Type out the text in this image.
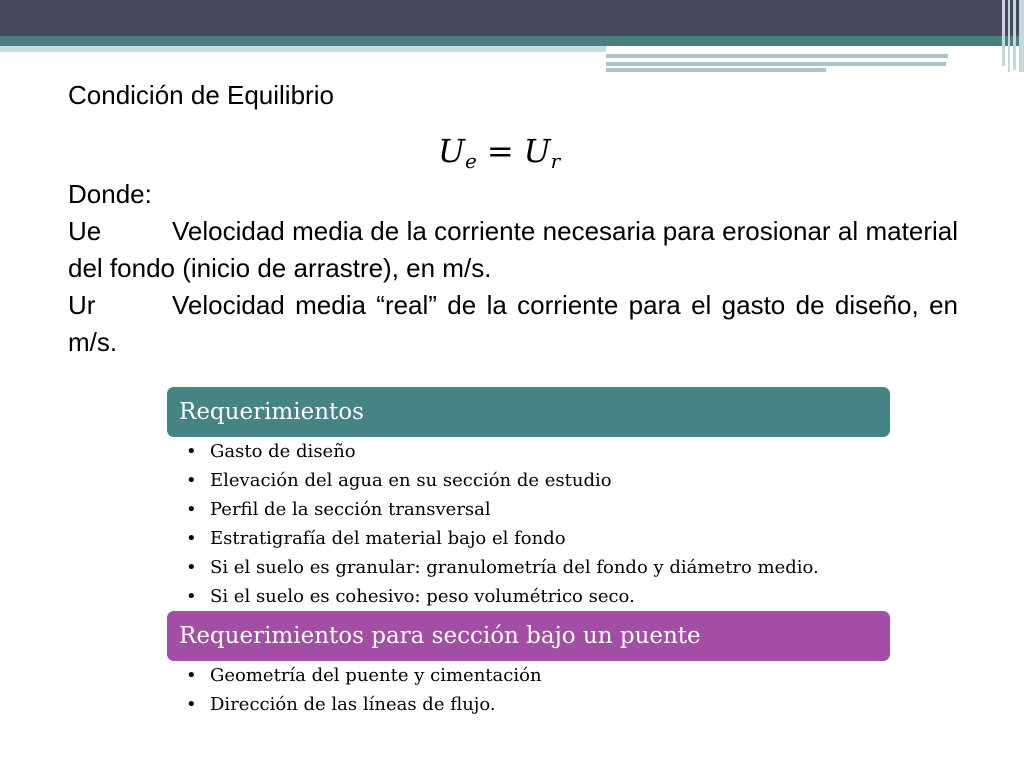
Condición de Equilibrio
$U_e = U_r$
Donde:

Ue	Velocidad media de la corriente necesaria para erosionar al material del fondo (inicio de arrastre), en m/s.

Ur	Velocidad media “real” de la corriente para el gasto de diseño, en m/s.

Requerimientos
• Gasto de diseño
• Elevación del agua en su sección de estudio
• Perfil de la sección transversal
• Estratigrafía del material bajo el fondo
• Si el suelo es granular: granulometría del fondo y diámetro medio.
• Si el suelo es cohesivo: peso volumétrico seco.
Requerimientos para sección bajo un puente
• Geometría del puente y cimentación
• Dirección de las líneas de flujo.
